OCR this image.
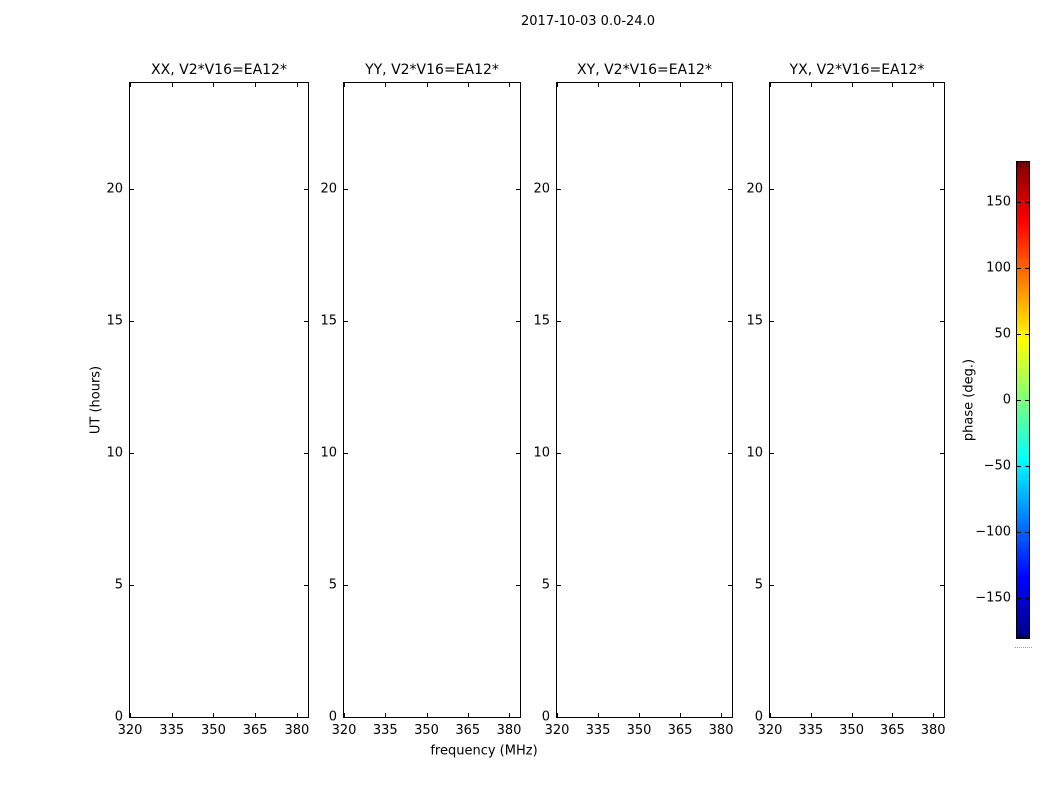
2017-10-03 0.0-24.0
UT (hours)
frequency (MHz)
XX, V2*V16=EA12*
320 335 350 365 380
0
5
10
15
20
YY, V2*V16=EA12*
320 335 350 365 380
0
5
10
15
20
XY, V2*V16=EA12*
320 335 350 365 380
0
5
10
15
20
YX, V2*V16=EA12*
320 335 350 365 380
0
5
10
15
20
150
100
50
0
−50
−100
−150
phase (deg.)
